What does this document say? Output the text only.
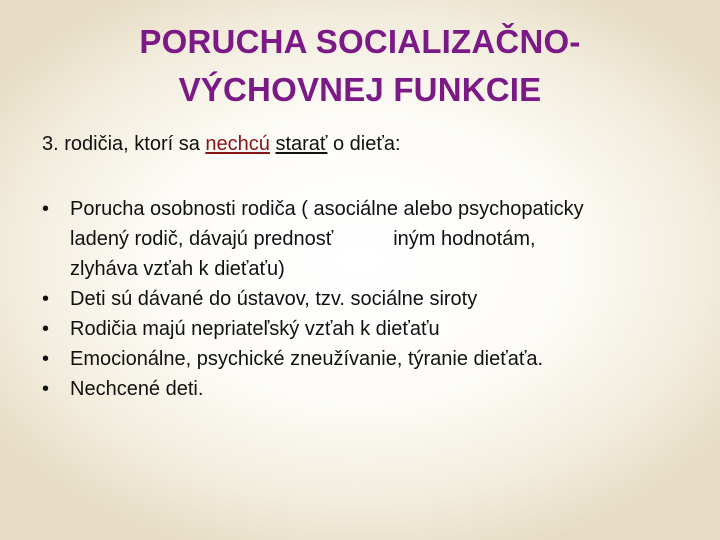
PORUCHA SOCIALIZAČNO-
VÝCHOVNEJ FUNKCIE

3. rodičia, ktorí sa nechcú starať o dieťa:

• Porucha osobnosti rodiča ( asociálne alebo psychopaticky
ladený rodič, dávajú prednosť	iným hodnotám,
zlyháva vzťah k dieťaťu)
• Deti sú dávané do ústavov, tzv. sociálne siroty
• Rodičia majú nepriateľský vzťah k dieťaťu
• Emocionálne, psychické zneužívanie, týranie dieťaťa.
• Nechcené deti.
